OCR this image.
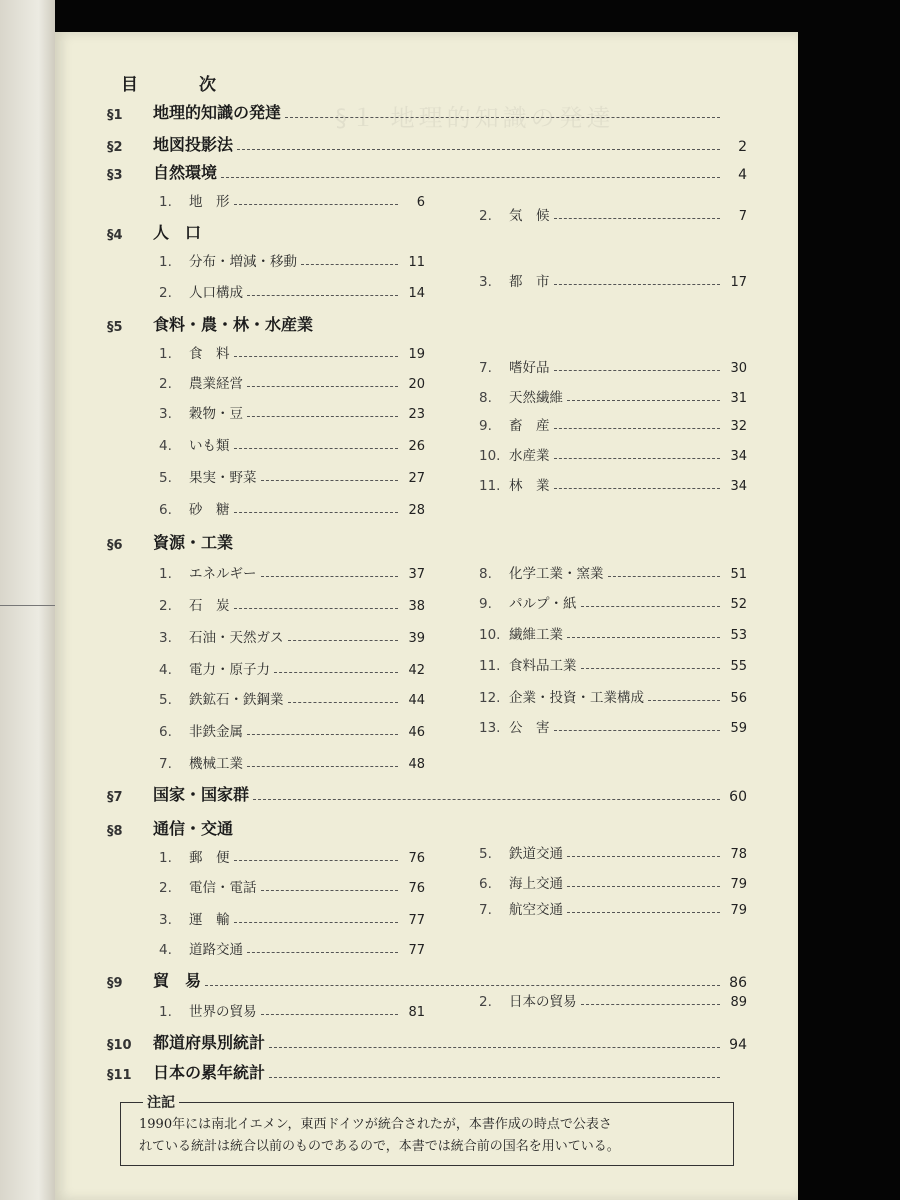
§１ 地理的知識の発達
目　次
§1	地理的知識の発達
§2	地図投影法	2
§3	自然環境	4
1.	地　形	6
2.	気　候	7
§4	人　口
1.	分布・増減・移動	11
3.	都　市	17
2.	人口構成	14
§5	食料・農・林・水産業
1.	食　料	19
7.	嗜好品	30
2.	農業経営	20
8.	天然繊維	31
3.	穀物・豆	23
9.	畜　産	32
4.	いも類	26
10. 水産業	34
5.	果実・野菜	27	11. 林　業	34
6.	砂　糖	28
§6	資源・工業
1.	エネルギー	37	8.	化学工業・窯業	51
2.	石　炭	38	9.	パルプ・紙	52
3.	石油・天然ガス	39	10. 繊維工業	53
4.	電力・原子力	42	11. 食料品工業	55
5.	鉄鉱石・鉄鋼業	44	12. 企業・投資・工業構成	56
6.	非鉄金属	46	13. 公　害	59
7.	機械工業	48
§7	国家・国家群	60
§8	通信・交通
1.	郵　便	76	5.	鉄道交通	78
2.	電信・電話	76	6.	海上交通	79
3.	運　輸	77
7.	航空交通	79
4.	道路交通	77
§9	貿　易	86
1.	世界の貿易	81
2.	日本の貿易	89
§10	都道府県別統計	94
§11	日本の累年統計
注記
1990年には南北イエメン，東西ドイツが統合されたが，本書作成の時点で公表さ
れている統計は統合以前のものであるので，本書では統合前の国名を用いている。
